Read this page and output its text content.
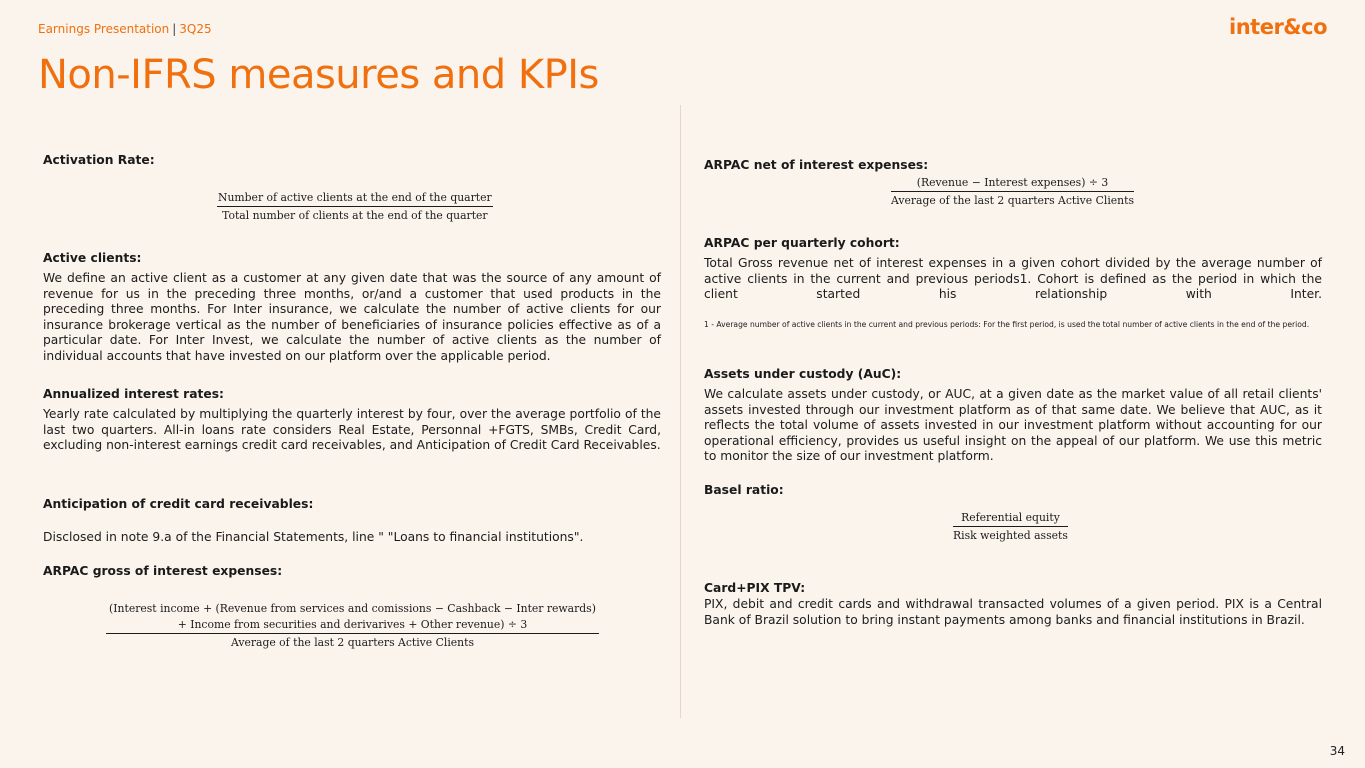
Earnings Presentation | 3Q25	inter&co
Non-IFRS measures and KPIs
Activation Rate:
Number of active clients at the end of the quarter
Total number of clients at the end of the quarter
Active clients:
We define an active client as a customer at any given date that was the source of any amount of revenue for us in the preceding three months, or/and a customer that used products in the preceding three months. For Inter insurance, we calculate the number of active clients for our insurance brokerage vertical as the number of beneficiaries of insurance policies effective as of a particular date. For Inter Invest, we calculate the number of active clients as the number of individual accounts that have invested on our platform over the applicable period.
Annualized interest rates:
Yearly rate calculated by multiplying the quarterly interest by four, over the average portfolio of the last two quarters. All-in loans rate considers Real Estate, Personnal +FGTS, SMBs, Credit Card, excluding non-interest earnings credit card receivables, and Anticipation of Credit Card Receivables.
Anticipation of credit card receivables:
Disclosed in note 9.a of the Financial Statements, line " "Loans to financial institutions".
ARPAC gross of interest expenses:
(Interest income + (Revenue from services and comissions − Cashback − Inter rewards)
+ Income from securities and derivarives + Other revenue) ÷ 3
Average of the last 2 quarters Active Clients
ARPAC net of interest expenses:
(Revenue − Interest expenses) ÷ 3
Average of the last 2 quarters Active Clients
ARPAC per quarterly cohort:
Total Gross revenue net of interest expenses in a given cohort divided by the average number of active clients in the current and previous periods1. Cohort is defined as the period in which the client started his relationship with Inter.
1 - Average number of active clients in the current and previous periods: For the first period, is used the total number of active clients in the end of the period.
Assets under custody (AuC):
We calculate assets under custody, or AUC, at a given date as the market value of all retail clients' assets invested through our investment platform as of that same date. We believe that AUC, as it reflects the total volume of assets invested in our investment platform without accounting for our operational efficiency, provides us useful insight on the appeal of our platform. We use this metric to monitor the size of our investment platform.
Basel ratio:
Referential equity
Risk weighted assets
Card+PIX TPV:
PIX, debit and credit cards and withdrawal transacted volumes of a given period. PIX is a Central Bank of Brazil solution to bring instant payments among banks and financial institutions in Brazil.
34
